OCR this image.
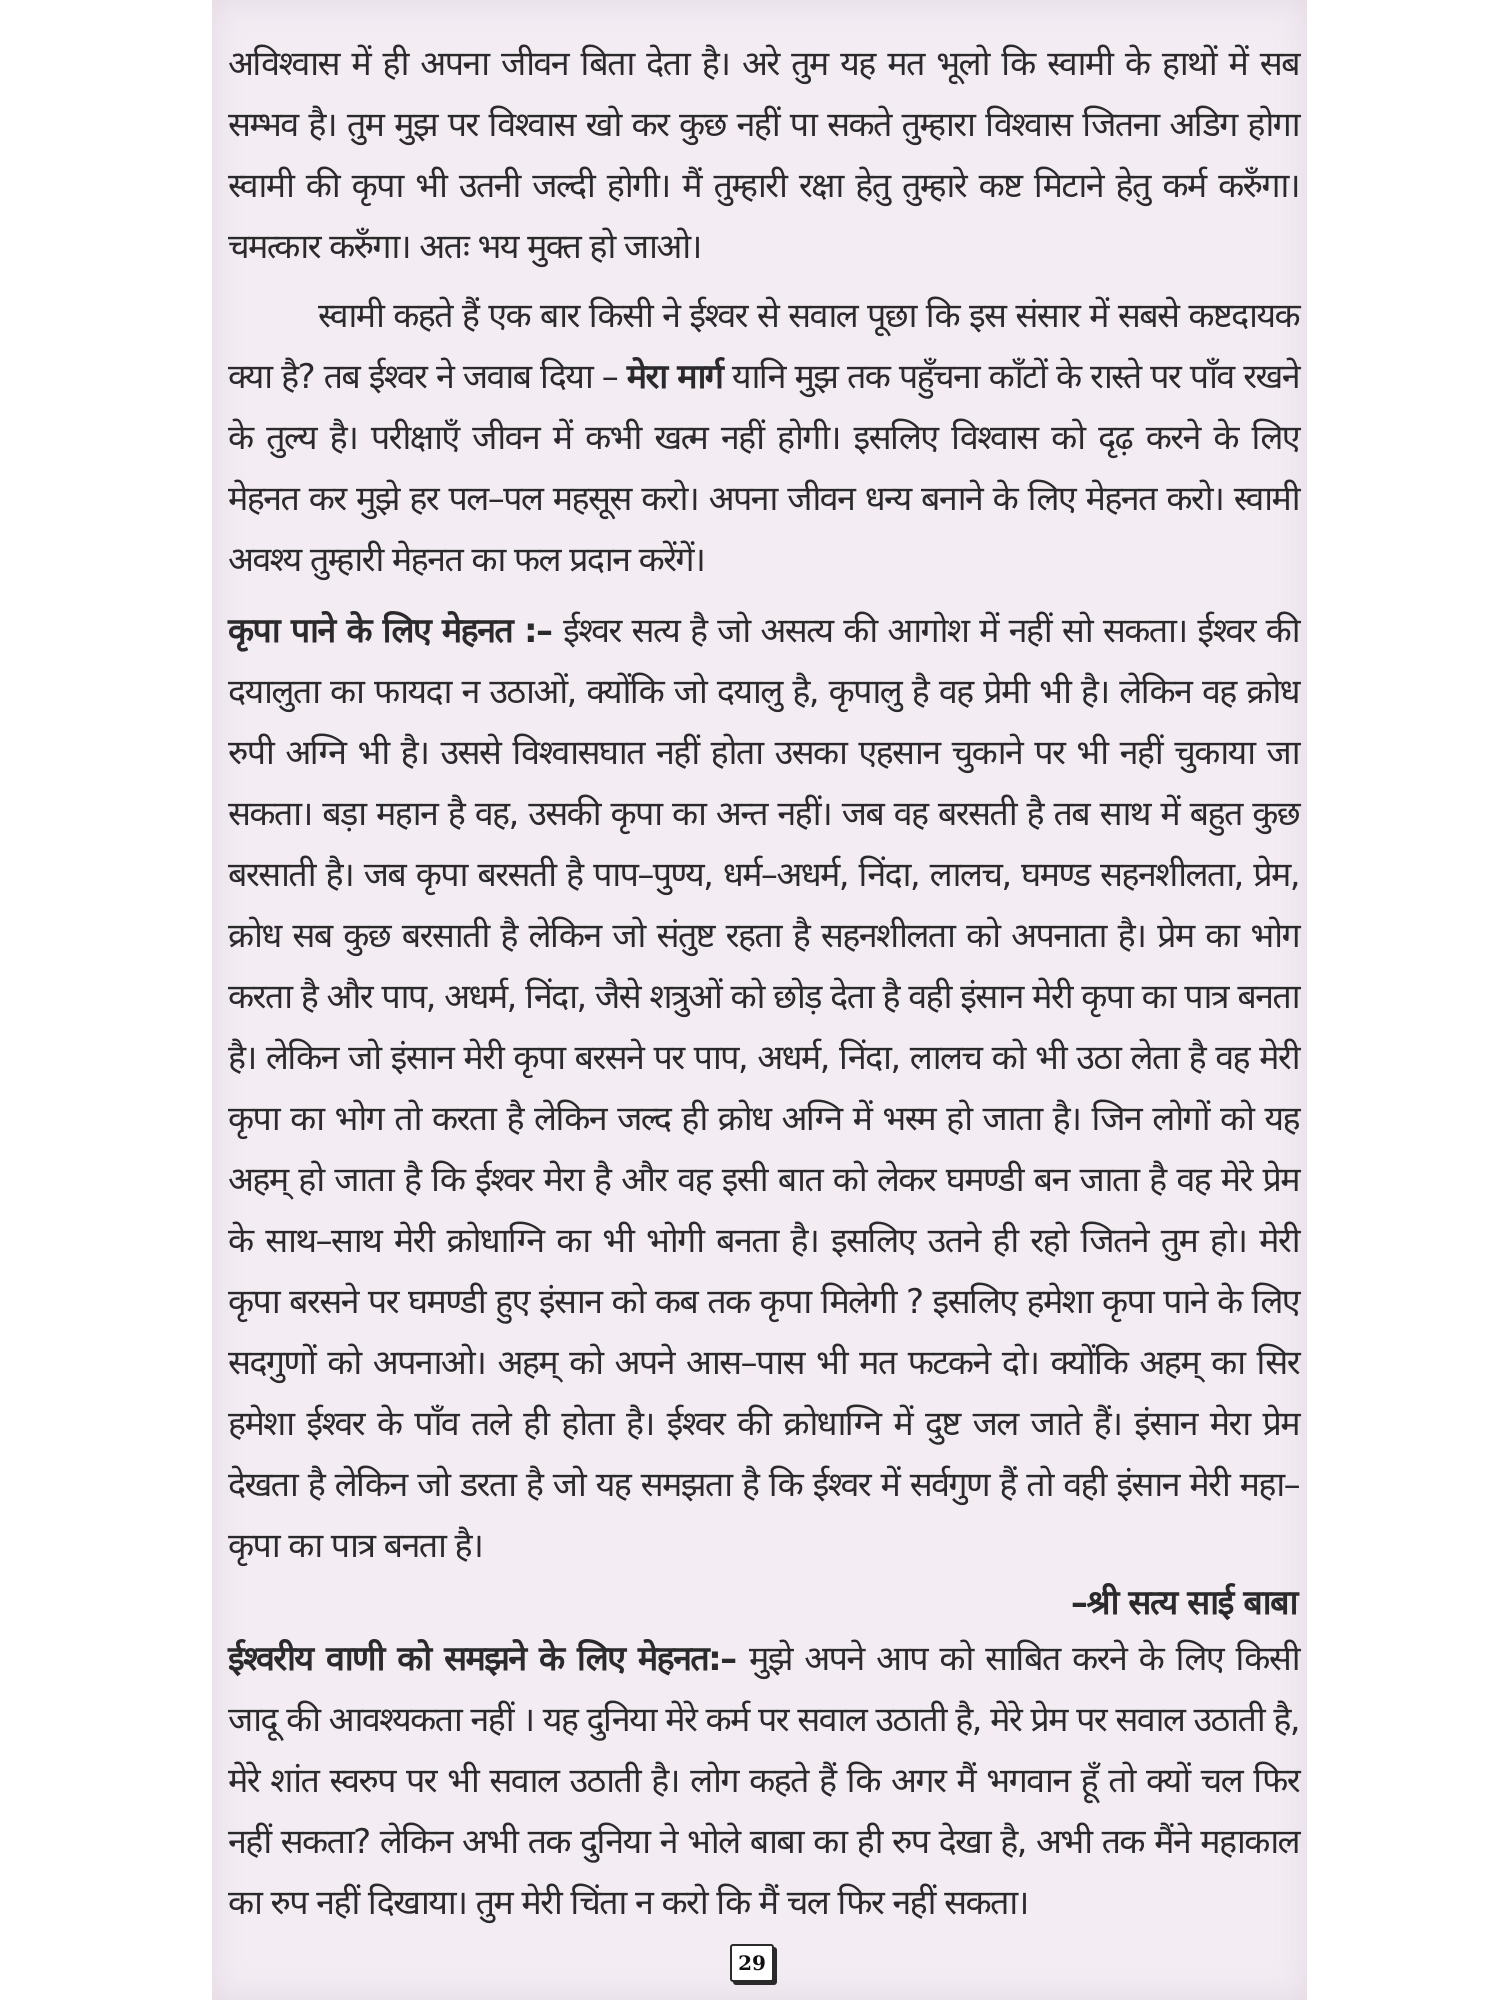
अविश्वास में ही अपना जीवन बिता देता है। अरे तुम यह मत भूलो कि स्वामी के हाथों में सब सम्भव है। तुम मुझ पर विश्वास खो कर कुछ नहीं पा सकते तुम्हारा विश्वास जितना अडिग होगा स्वामी की कृपा भी उतनी जल्दी होगी। मैं तुम्हारी रक्षा हेतु तुम्हारे कष्ट मिटाने हेतु कर्म करुँगा। चमत्कार करुँगा। अतः भय मुक्त हो जाओ।

स्वामी कहते हैं एक बार किसी ने ईश्वर से सवाल पूछा कि इस संसार में सबसे कष्टदायक क्या है? तब ईश्वर ने जवाब दिया – मेरा मार्ग यानि मुझ तक पहुँचना काँटों के रास्ते पर पाँव रखने के तुल्य है। परीक्षाएँ जीवन में कभी खत्म नहीं होगी। इसलिए विश्वास को दृढ़ करने के लिए मेहनत कर मुझे हर पल–पल महसूस करो। अपना जीवन धन्य बनाने के लिए मेहनत करो। स्वामी अवश्य तुम्हारी मेहनत का फल प्रदान करेंगें।

कृपा पाने के लिए मेहनत :– ईश्वर सत्य है जो असत्य की आगोश में नहीं सो सकता। ईश्वर की दयालुता का फायदा न उठाओं, क्योंकि जो दयालु है, कृपालु है वह प्रेमी भी है। लेकिन वह क्रोध रुपी अग्नि भी है। उससे विश्वासघात नहीं होता उसका एहसान चुकाने पर भी नहीं चुकाया जा सकता। बड़ा महान है वह, उसकी कृपा का अन्त नहीं। जब वह बरसती है तब साथ में बहुत कुछ बरसाती है। जब कृपा बरसती है पाप–पुण्य, धर्म–अधर्म, निंदा, लालच, घमण्ड सहनशीलता, प्रेम, क्रोध सब कुछ बरसाती है लेकिन जो संतुष्ट रहता है सहनशीलता को अपनाता है। प्रेम का भोग करता है और पाप, अधर्म, निंदा, जैसे शत्रुओं को छोड़ देता है वही इंसान मेरी कृपा का पात्र बनता है। लेकिन जो इंसान मेरी कृपा बरसने पर पाप, अधर्म, निंदा, लालच को भी उठा लेता है वह मेरी कृपा का भोग तो करता है लेकिन जल्द ही क्रोध अग्नि में भस्म हो जाता है। जिन लोगों को यह अहम् हो जाता है कि ईश्वर मेरा है और वह इसी बात को लेकर घमण्डी बन जाता है वह मेरे प्रेम के साथ–साथ मेरी क्रोधाग्नि का भी भोगी बनता है। इसलिए उतने ही रहो जितने तुम हो। मेरी कृपा बरसने पर घमण्डी हुए इंसान को कब तक कृपा मिलेगी ? इसलिए हमेशा कृपा पाने के लिए सदगुणों को अपनाओ। अहम् को अपने आस–पास भी मत फटकने दो। क्योंकि अहम् का सिर हमेशा ईश्वर के पाँव तले ही होता है। ईश्वर की क्रोधाग्नि में दुष्ट जल जाते हैं। इंसान मेरा प्रेम देखता है लेकिन जो डरता है जो यह समझता है कि ईश्वर में सर्वगुण हैं तो वही इंसान मेरी महा–कृपा का पात्र बनता है।

–श्री सत्य साई बाबा

ईश्वरीय वाणी को समझने के लिए मेहनत:– मुझे अपने आप को साबित करने के लिए किसी जादू की आवश्यकता नहीं । यह दुनिया मेरे कर्म पर सवाल उठाती है, मेरे प्रेम पर सवाल उठाती है, मेरे शांत स्वरुप पर भी सवाल उठाती है। लोग कहते हैं कि अगर मैं भगवान हूँ तो क्यों चल फिर नहीं सकता? लेकिन अभी तक दुनिया ने भोले बाबा का ही रुप देखा है, अभी तक मैंने महाकाल का रुप नहीं दिखाया। तुम मेरी चिंता न करो कि मैं चल फिर नहीं सकता।

29
